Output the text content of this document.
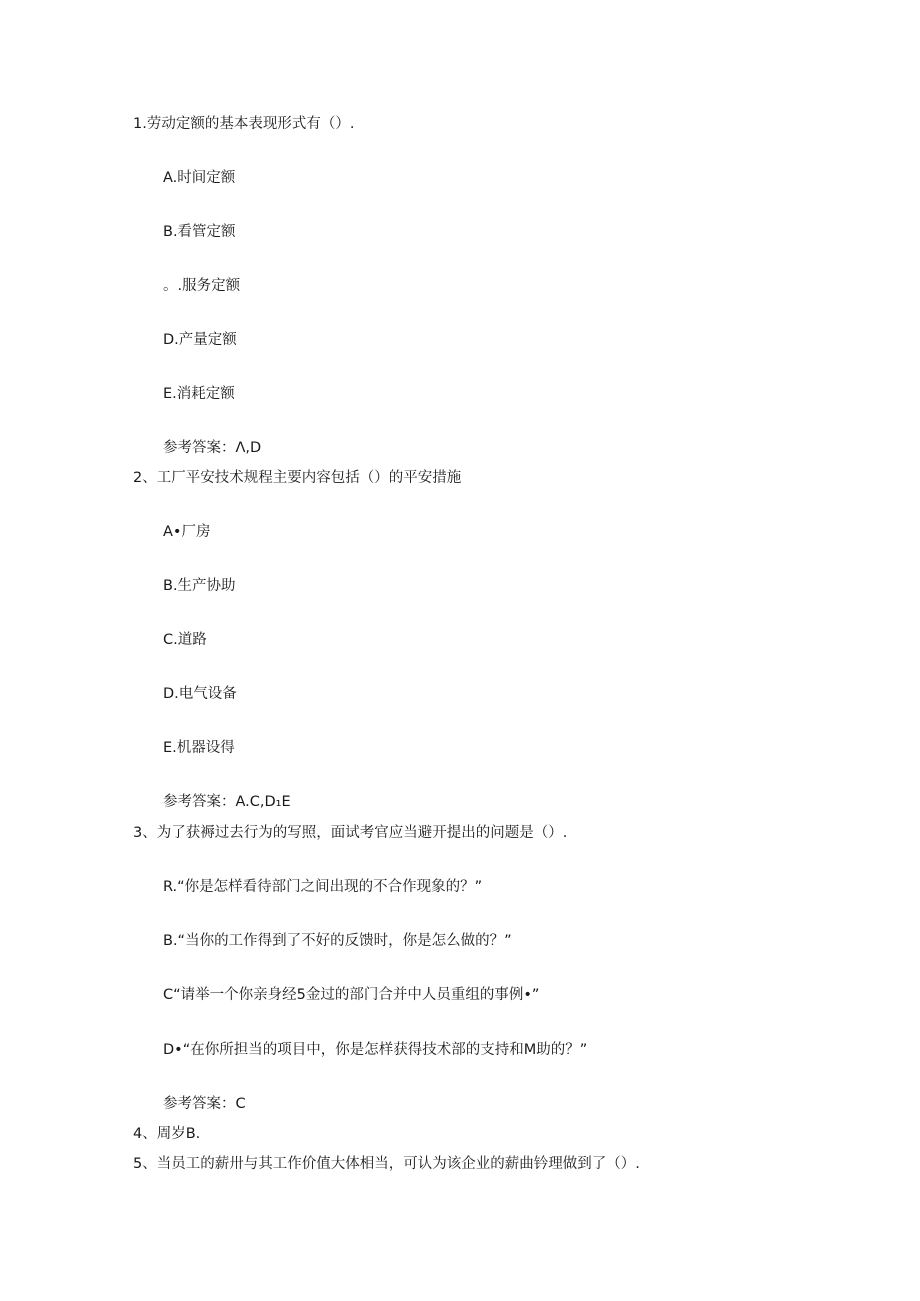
1.劳动定额的基本表现形式有（）.
A.时间定额
B.看管定额
。.服务定额
D.产量定额
E.消耗定额
参考答案：Λ,D
2、工厂平安技术规程主要内容包括（）的平安措施
A•厂房
B.生产协助
C.道路
D.电气设备
E.机器设得
参考答案：A.C,D₁E
3、为了获褥过去行为的写照，面试考官应当避开提出的问题是（）.
R.“你是怎样看待部门之间出现的不合作现象的？”
B.“当你的工作得到了不好的反馈时，你是怎么做的？”
C“请举一个你亲身经5金过的部门合并中人员重组的事例•”
D•“在你所担当的项目中，你是怎样获得技术部的支持和M助的？”
参考答案：C
4、周岁B.
5、当员工的薪卅与其工作价值大体相当，可认为该企业的薪曲钤理做到了（）.
